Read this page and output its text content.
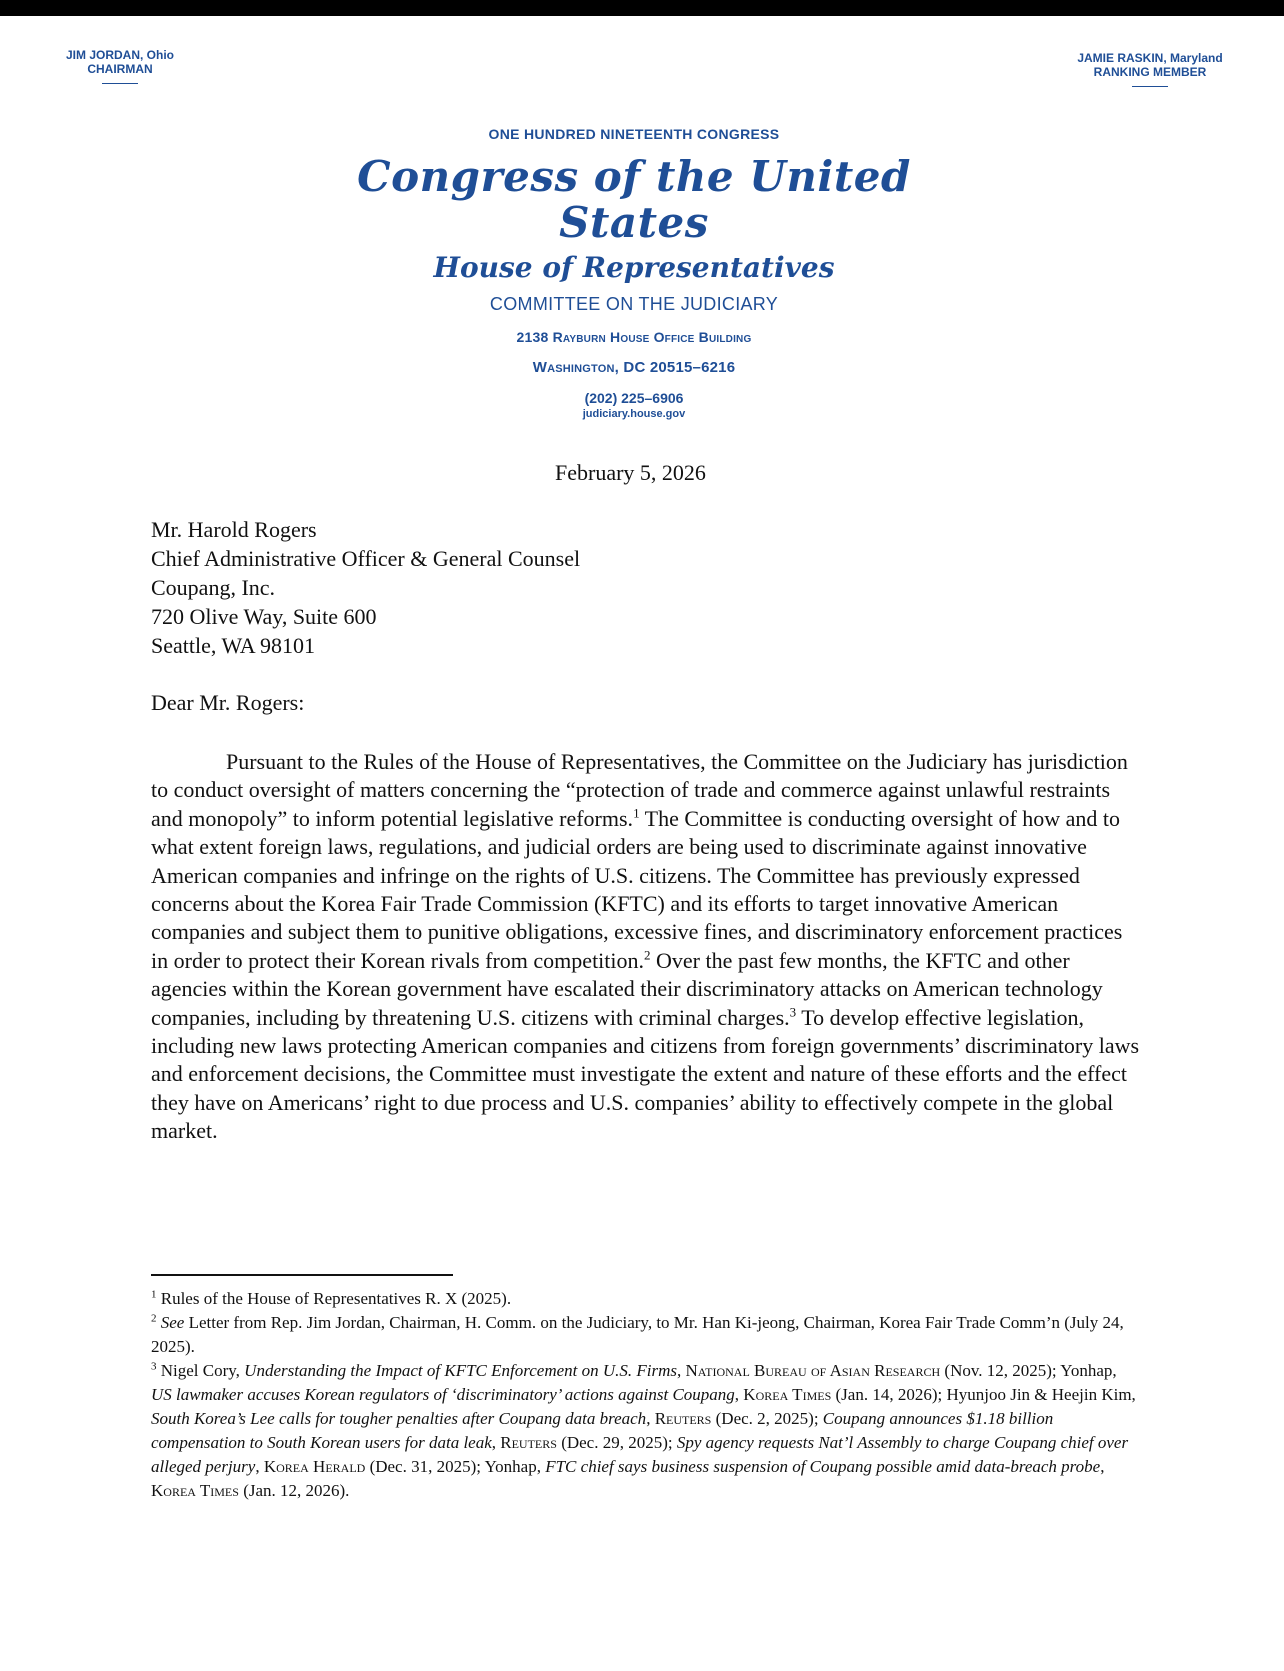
JIM JORDAN, Ohio
CHAIRMAN
JAMIE RASKIN, Maryland
RANKING MEMBER
ONE HUNDRED NINETEENTH CONGRESS
Congress of the United States
House of Representatives
COMMITTEE ON THE JUDICIARY
2138 Rayburn House Office Building
Washington, DC 20515–6216
(202) 225–6906
judiciary.house.gov
February 5, 2026
Mr. Harold Rogers
Chief Administrative Officer & General Counsel
Coupang, Inc.
720 Olive Way, Suite 600
Seattle, WA 98101
Dear Mr. Rogers:
Pursuant to the Rules of the House of Representatives, the Committee on the Judiciary has jurisdiction to conduct oversight of matters concerning the “protection of trade and commerce against unlawful restraints and monopoly” to inform potential legislative reforms.$^1$ The Committee is conducting oversight of how and to what extent foreign laws, regulations, and judicial orders are being used to discriminate against innovative American companies and infringe on the rights of U.S. citizens. The Committee has previously expressed concerns about the Korea Fair Trade Commission (KFTC) and its efforts to target innovative American companies and subject them to punitive obligations, excessive fines, and discriminatory enforcement practices in order to protect their Korean rivals from competition.$^2$ Over the past few months, the KFTC and other agencies within the Korean government have escalated their discriminatory attacks on American technology companies, including by threatening U.S. citizens with criminal charges.$^3$ To develop effective legislation, including new laws protecting American companies and citizens from foreign governments’ discriminatory laws and enforcement decisions, the Committee must investigate the extent and nature of these efforts and the effect they have on Americans’ right to due process and U.S. companies’ ability to effectively compete in the global market.

$^1$ Rules of the House of Representatives R. X (2025).

$^2$ See Letter from Rep. Jim Jordan, Chairman, H. Comm. on the Judiciary, to Mr. Han Ki-jeong, Chairman, Korea Fair Trade Comm’n (July 24, 2025).

$^3$ Nigel Cory, Understanding the Impact of KFTC Enforcement on U.S. Firms, National Bureau of Asian Research (Nov. 12, 2025); Yonhap, US lawmaker accuses Korean regulators of ‘discriminatory’ actions against Coupang, Korea Times (Jan. 14, 2026); Hyunjoo Jin & Heejin Kim, South Korea’s Lee calls for tougher penalties after Coupang data breach, Reuters (Dec. 2, 2025); Coupang announces $1.18 billion compensation to South Korean users for data leak, Reuters (Dec. 29, 2025); Spy agency requests Nat’l Assembly to charge Coupang chief over alleged perjury, Korea Herald (Dec. 31, 2025); Yonhap, FTC chief says business suspension of Coupang possible amid data-breach probe, Korea Times (Jan. 12, 2026).
